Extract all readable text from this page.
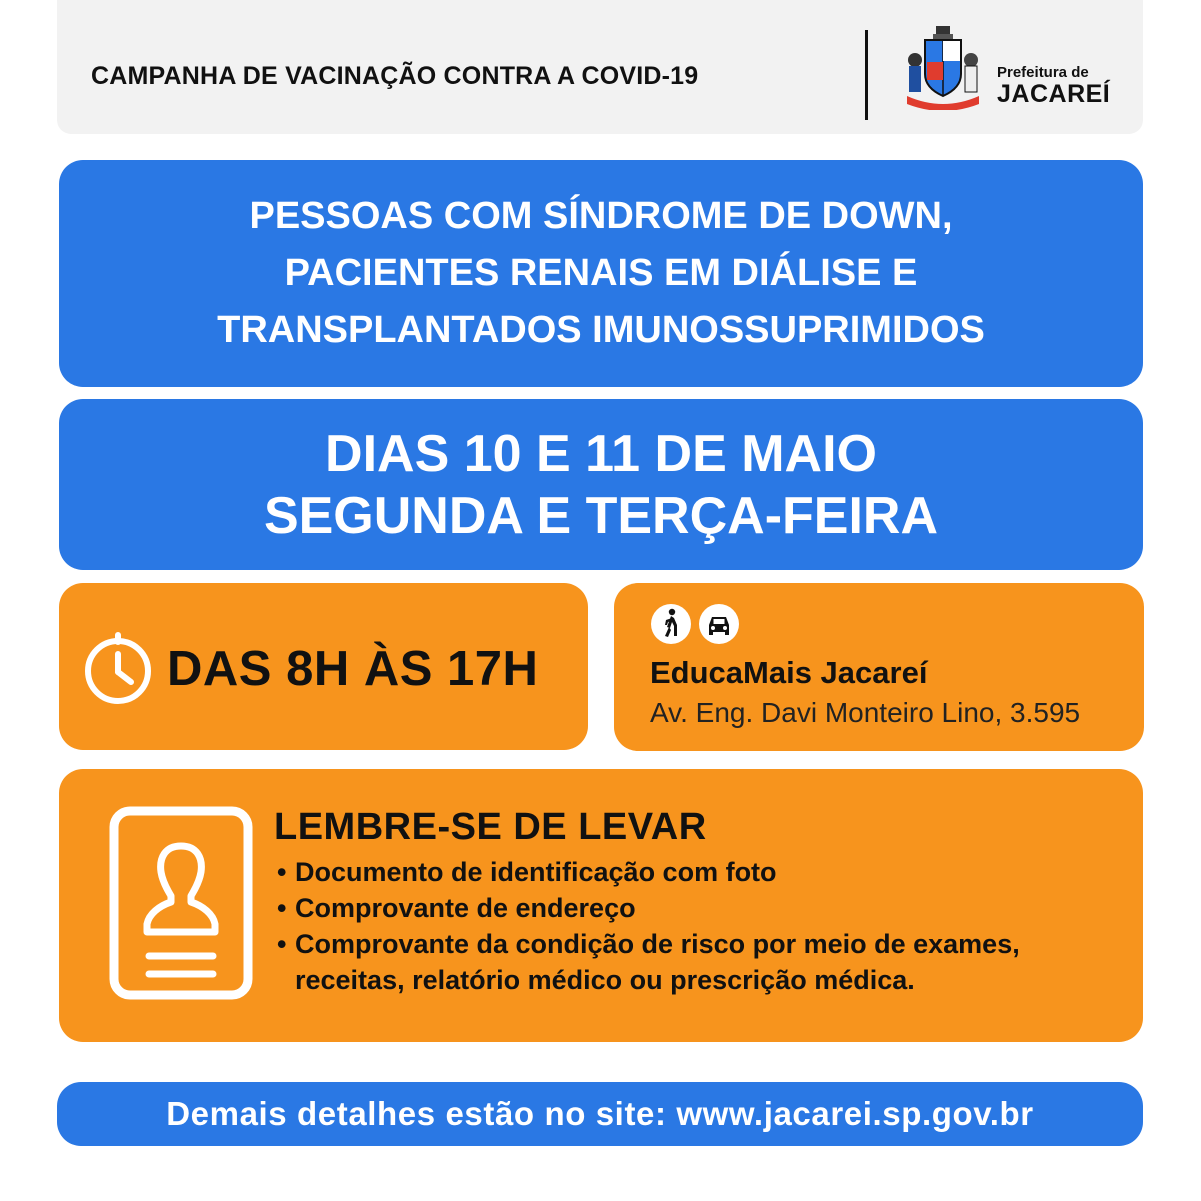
CAMPANHA DE VACINAÇÃO CONTRA A COVID-19	Prefeitura de
JACAREÍ
PESSOAS COM SÍNDROME DE DOWN,
PACIENTES RENAIS EM DIÁLISE E
TRANSPLANTADOS IMUNOSSUPRIMIDOS
DIAS 10 E 11 DE MAIO
SEGUNDA E TERÇA-FEIRA
DAS 8H ÀS 17H	EducaMais Jacareí
Av. Eng. Davi Monteiro Lino, 3.595
LEMBRE-SE DE LEVAR
• Documento de identificação com foto
• Comprovante de endereço
• Comprovante da condição de risco por meio de exames,
receitas, relatório médico ou prescrição médica.
Demais detalhes estão no site: www.jacarei.sp.gov.br
